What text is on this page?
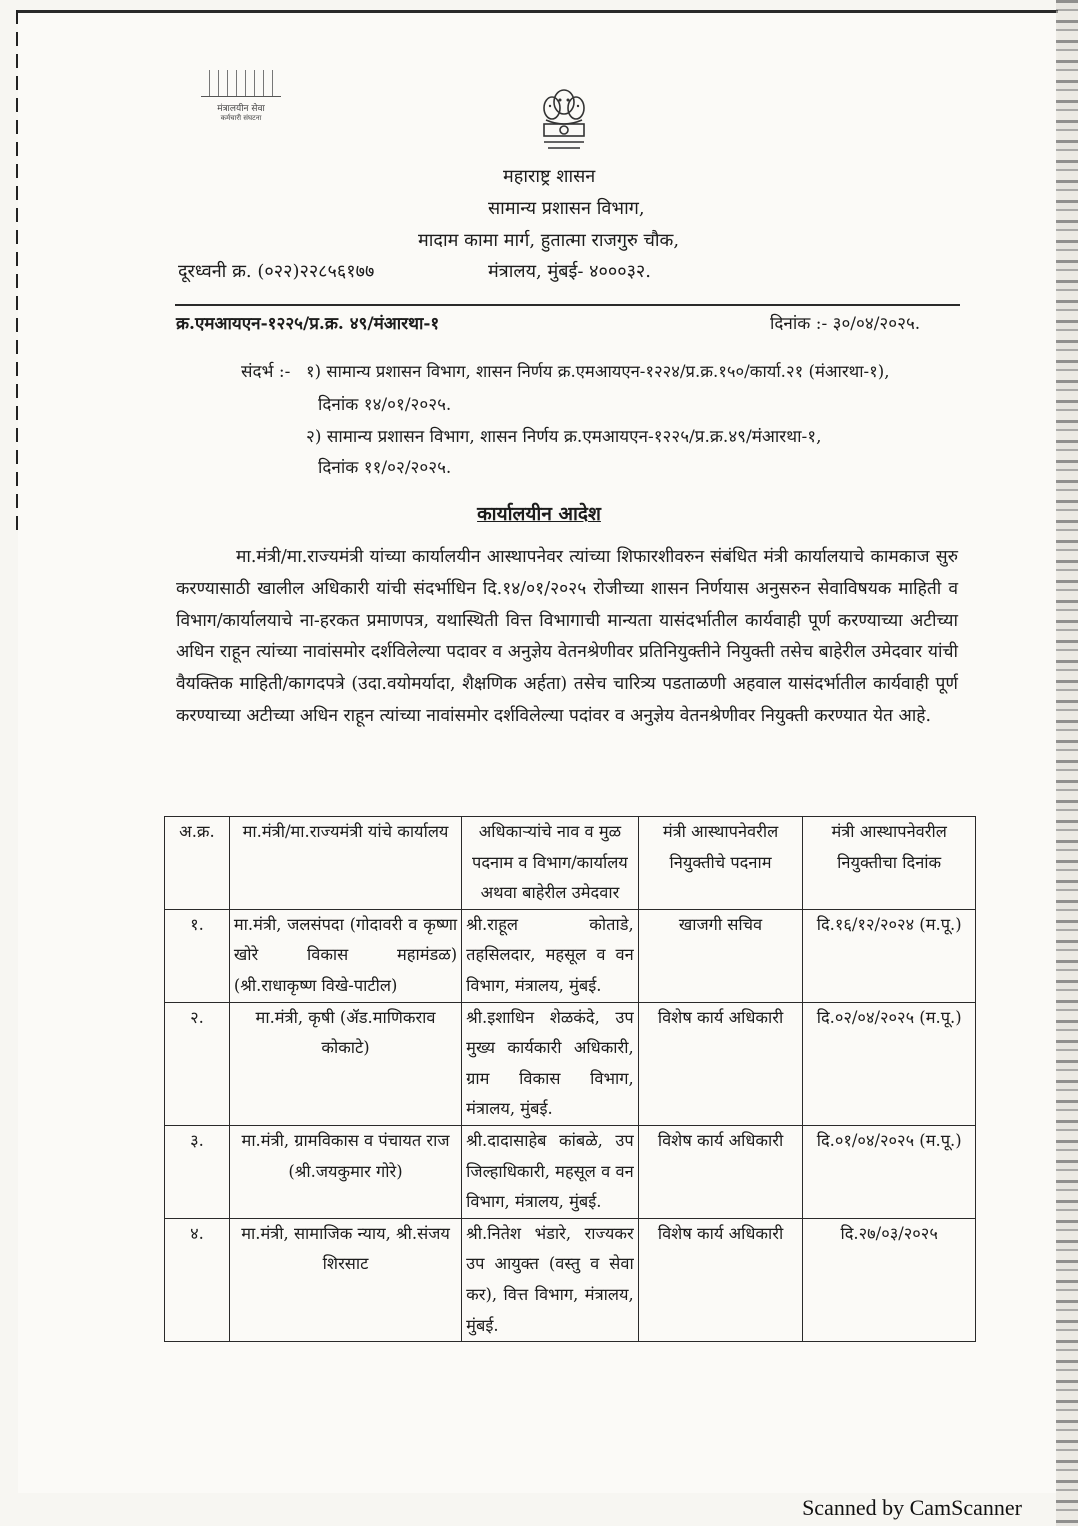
मंत्रालयीन सेवा
कर्मचारी संघटना
महाराष्ट्र शासन
सामान्य प्रशासन विभाग,
मादाम कामा मार्ग, हुतात्मा राजगुरु चौक,
दूरध्वनी क्र. (०२२)२२८५६१७७	मंत्रालय, मुंबई- ४०००३२.
क्र.एमआयएन-१२२५/प्र.क्र. ४९/मंआरथा-१	दिनांक :- ३०/०४/२०२५.
संदर्भ :- १) सामान्य प्रशासन विभाग, शासन निर्णय क्र.एमआयएन-१२२४/प्र.क्र.१५०/कार्या.२१ (मंआरथा-१),
दिनांक १४/०१/२०२५.
२) सामान्य प्रशासन विभाग, शासन निर्णय क्र.एमआयएन-१२२५/प्र.क्र.४९/मंआरथा-१,
दिनांक ११/०२/२०२५.
कार्यालयीन आदेश
मा.मंत्री/मा.राज्यमंत्री यांच्या कार्यालयीन आस्थापनेवर त्यांच्या शिफारशीवरुन संबंधित मंत्री कार्यालयाचे कामकाज सुरु करण्यासाठी खालील अधिकारी यांची संदर्भाधिन दि.१४/०१/२०२५ रोजीच्या शासन निर्णयास अनुसरुन सेवाविषयक माहिती व विभाग/कार्यालयाचे ना-हरकत प्रमाणपत्र, यथास्थिती वित्त विभागाची मान्यता यासंदर्भातील कार्यवाही पूर्ण करण्याच्या अटीच्या अधिन राहून त्यांच्या नावांसमोर दर्शविलेल्या पदावर व अनुज्ञेय वेतनश्रेणीवर प्रतिनियुक्तीने नियुक्ती तसेच बाहेरील उमेदवार यांची वैयक्तिक माहिती/कागदपत्रे (उदा.वयोमर्यादा, शैक्षणिक अर्हता) तसेच चारित्र्य पडताळणी अहवाल यासंदर्भातील कार्यवाही पूर्ण करण्याच्या अटीच्या अधिन राहून त्यांच्या नावांसमोर दर्शविलेल्या पदांवर व अनुज्ञेय वेतनश्रेणीवर नियुक्ती करण्यात येत आहे.
अ.क्र.	मा.मंत्री/मा.राज्यमंत्री यांचे कार्यालय	अधिकाऱ्यांचे नाव व मुळ पदनाम व विभाग/कार्यालय अथवा बाहेरील उमेदवार	मंत्री आस्थापनेवरील नियुक्तीचे पदनाम	मंत्री आस्थापनेवरील नियुक्तीचा दिनांक
१.	मा.मंत्री, जलसंपदा (गोदावरी व कृष्णा खोरे विकास महामंडळ) (श्री.राधाकृष्ण विखे-पाटील)	श्री.राहूल कोताडे, तहसिलदार, महसूल व वन विभाग, मंत्रालय, मुंबई.	खाजगी सचिव	दि.१६/१२/२०२४ (म.पू.)
२.	मा.मंत्री, कृषी (ॲड.माणिकराव कोकाटे)	श्री.इशाधिन शेळकंदे, उप मुख्य कार्यकारी अधिकारी, ग्राम विकास विभाग, मंत्रालय, मुंबई.	विशेष कार्य अधिकारी	दि.०२/०४/२०२५ (म.पू.)
३.	मा.मंत्री, ग्रामविकास व पंचायत राज (श्री.जयकुमार गोरे)	श्री.दादासाहेब कांबळे, उप जिल्हाधिकारी, महसूल व वन विभाग, मंत्रालय, मुंबई.	विशेष कार्य अधिकारी	दि.०१/०४/२०२५ (म.पू.)
४.	मा.मंत्री, सामाजिक न्याय, श्री.संजय शिरसाट	श्री.नितेश भंडारे, राज्यकर उप आयुक्त (वस्तु व सेवा कर), वित्त विभाग, मंत्रालय, मुंबई.	विशेष कार्य अधिकारी	दि.२७/०३/२०२५
Scanned by CamScanner
